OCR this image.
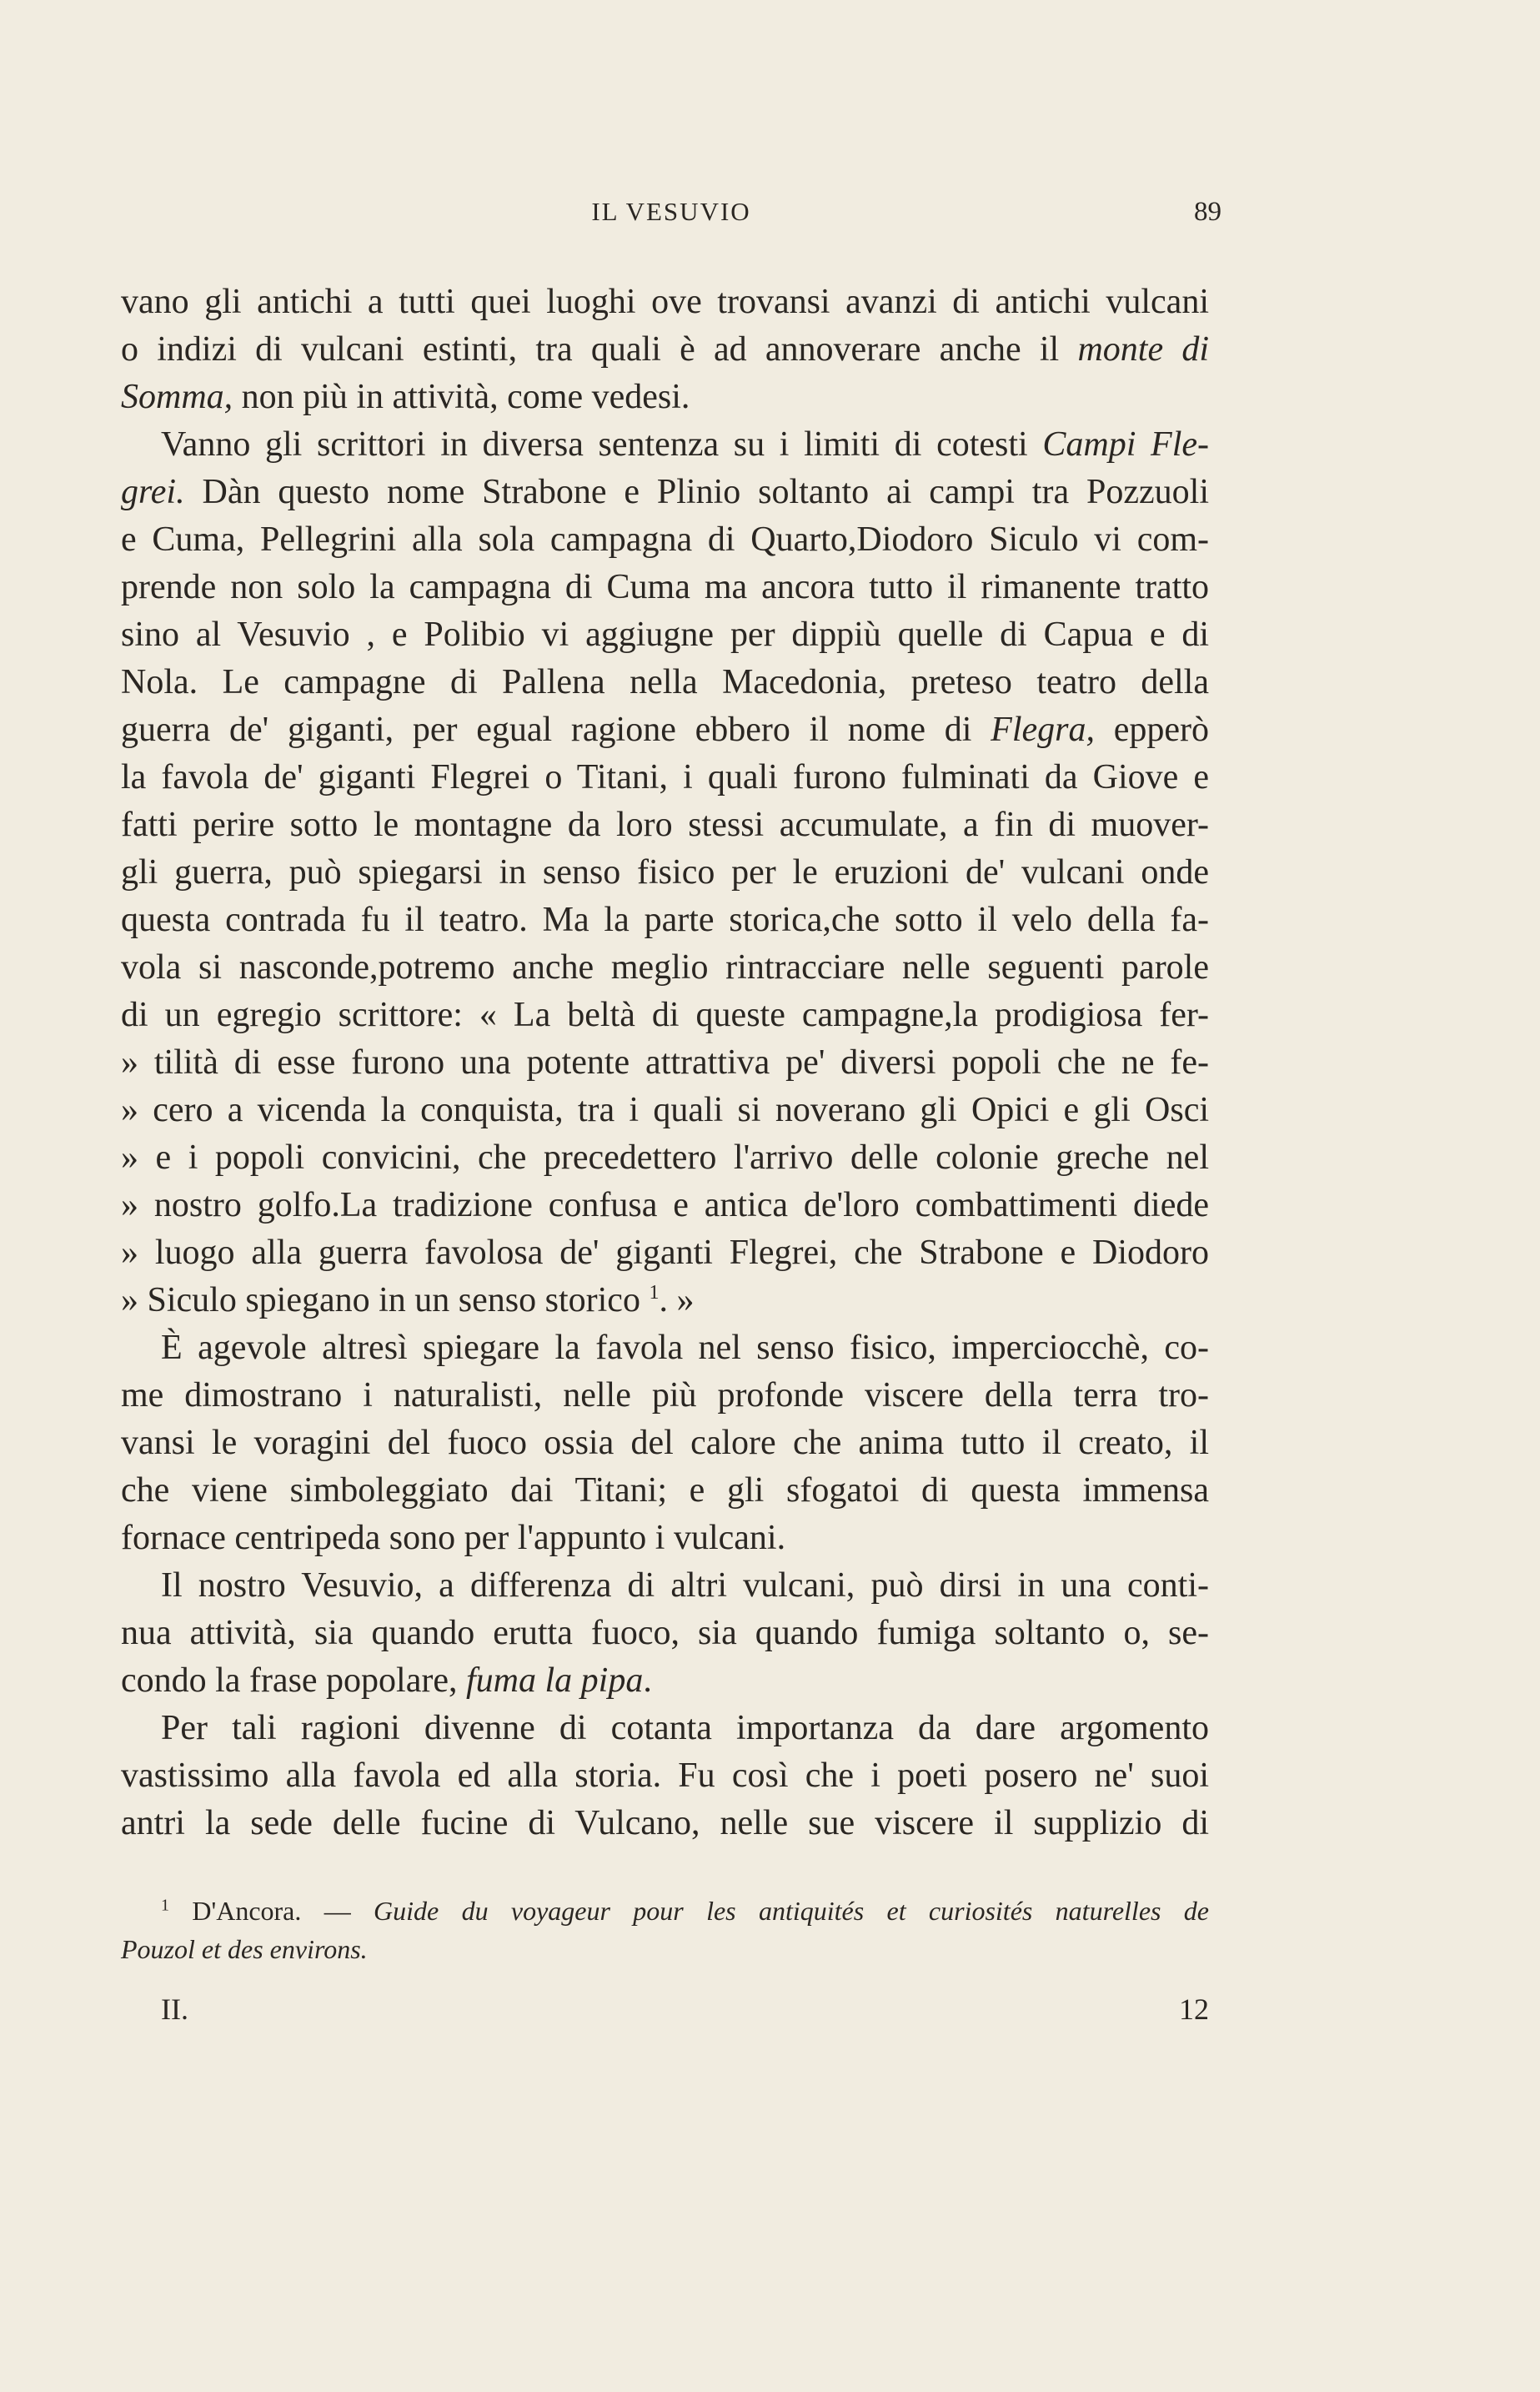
IL VESUVIO	89
vano gli antichi a tutti quei luoghi ove trovansi avanzi di antichi vulcani
o indizi di vulcani estinti, tra quali è ad annoverare anche il monte di
Somma, non più in attività, come vedesi.
Vanno gli scrittori in diversa sentenza su i limiti di cotesti Campi Fle-
grei. Dàn questo nome Strabone e Plinio soltanto ai campi tra Pozzuoli
e Cuma, Pellegrini alla sola campagna di Quarto,Diodoro Siculo vi com-
prende non solo la campagna di Cuma ma ancora tutto il rimanente tratto
sino al Vesuvio , e Polibio vi aggiugne per dippiù quelle di Capua e di
Nola. Le campagne di Pallena nella Macedonia, preteso teatro della
guerra de' giganti, per egual ragione ebbero il nome di Flegra, epperò
la favola de' giganti Flegrei o Titani, i quali furono fulminati da Giove e
fatti perire sotto le montagne da loro stessi accumulate, a fin di muover-
gli guerra, può spiegarsi in senso fisico per le eruzioni de' vulcani onde
questa contrada fu il teatro. Ma la parte storica,che sotto il velo della fa-
vola si nasconde,potremo anche meglio rintracciare nelle seguenti parole
di un egregio scrittore: « La beltà di queste campagne,la prodigiosa fer-
» tilità di esse furono una potente attrattiva pe' diversi popoli che ne fe-
» cero a vicenda la conquista, tra i quali si noverano gli Opici e gli Osci
» e i popoli convicini, che precedettero l'arrivo delle colonie greche nel
» nostro golfo.La tradizione confusa e antica de'loro combattimenti diede
» luogo alla guerra favolosa de' giganti Flegrei, che Strabone e Diodoro
» Siculo spiegano in un senso storico $^1$. »
È agevole altresì spiegare la favola nel senso fisico, imperciocchè, co-
me dimostrano i naturalisti, nelle più profonde viscere della terra tro-
vansi le voragini del fuoco ossia del calore che anima tutto il creato, il
che viene simboleggiato dai Titani; e gli sfogatoi di questa immensa
fornace centripeda sono per l'appunto i vulcani.
Il nostro Vesuvio, a differenza di altri vulcani, può dirsi in una conti-
nua attività, sia quando erutta fuoco, sia quando fumiga soltanto o, se-
condo la frase popolare, fuma la pipa.
Per tali ragioni divenne di cotanta importanza da dare argomento
vastissimo alla favola ed alla storia. Fu così che i poeti posero ne' suoi
antri la sede delle fucine di Vulcano, nelle sue viscere il supplizio di
$^1$ D'Ancora. — Guide du voyageur pour les antiquités et curiosités naturelles de
Pouzol et des environs.
II.	12
